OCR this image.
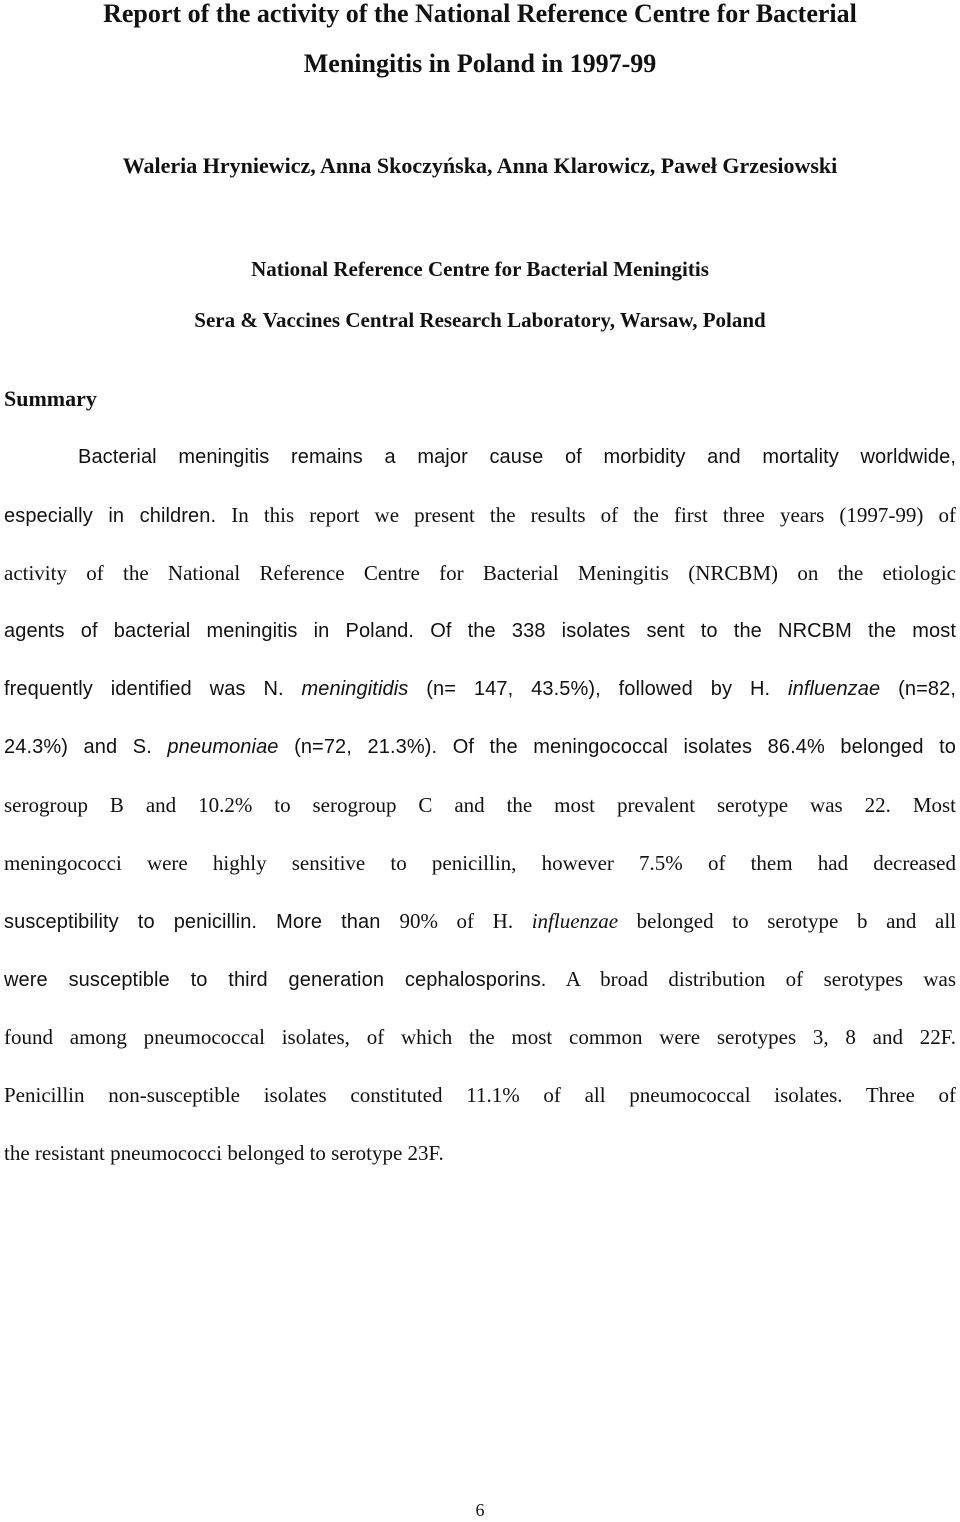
Report of the activity of the National Reference Centre for Bacterial
Meningitis in Poland in 1997-99

Waleria Hryniewicz, Anna Skoczyńska, Anna Klarowicz, Paweł Grzesiowski

National Reference Centre for Bacterial Meningitis

Sera & Vaccines Central Research Laboratory, Warsaw, Poland

Summary

Bacterial meningitis remains a major cause of morbidity and mortality worldwide,

especially in children. In this report we present the results of the first three years (1997-99) of

activity of the National Reference Centre for Bacterial Meningitis (NRCBM) on the etiologic

agents of bacterial meningitis in Poland. Of the 338 isolates sent to the NRCBM the most

frequently identified was N. meningitidis (n= 147, 43.5%), followed by H. influenzae (n=82,

24.3%) and S. pneumoniae (n=72, 21.3%). Of the meningococcal isolates 86.4% belonged to

serogroup B and 10.2% to serogroup C and the most prevalent serotype was 22. Most

meningococci were highly sensitive to penicillin, however 7.5% of them had decreased

susceptibility to penicillin. More than 90% of H. influenzae belonged to serotype b and all

were susceptible to third generation cephalosporins. A broad distribution of serotypes was

found among pneumococcal isolates, of which the most common were serotypes 3, 8 and 22F.

Penicillin non-susceptible isolates constituted 11.1% of all pneumococcal isolates. Three of

the resistant pneumococci belonged to serotype 23F.

6
